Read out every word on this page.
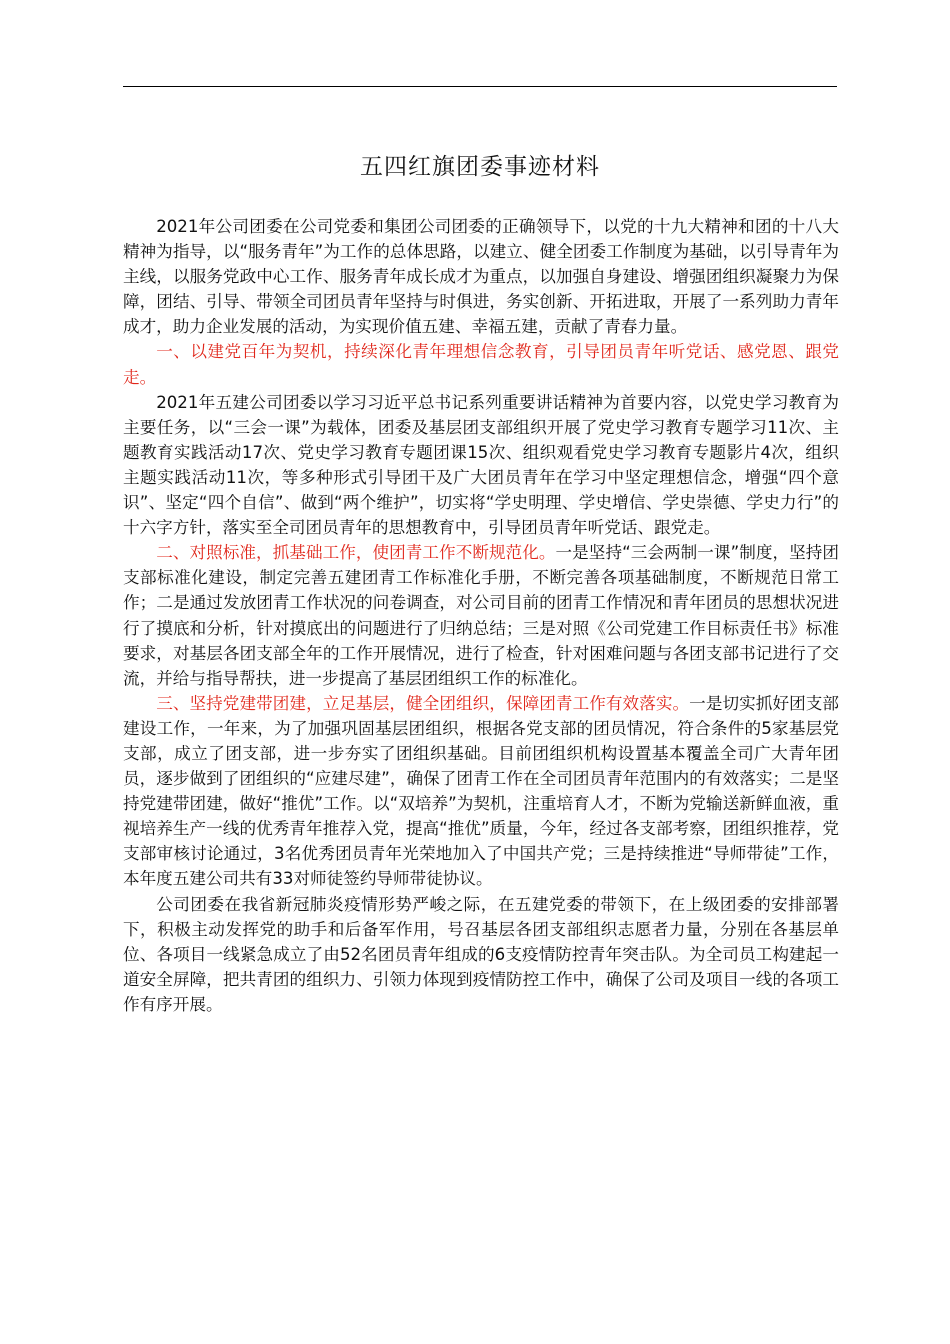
五四红旗团委事迹材料

2021年公司团委在公司党委和集团公司团委的正确领导下，以党的十九大精神和团的十八大精神为指导，以“服务青年”为工作的总体思路，以建立、健全团委工作制度为基础，以引导青年为主线，以服务党政中心工作、服务青年成长成才为重点，以加强自身建设、增强团组织凝聚力为保障，团结、引导、带领全司团员青年坚持与时俱进，务实创新、开拓进取，开展了一系列助力青年成才，助力企业发展的活动，为实现价值五建、幸福五建，贡献了青春力量。

一、以建党百年为契机，持续深化青年理想信念教育，引导团员青年听党话、感党恩、跟党走。

2021年五建公司团委以学习习近平总书记系列重要讲话精神为首要内容，以党史学习教育为主要任务，以“三会一课”为载体，团委及基层团支部组织开展了党史学习教育专题学习11次、主题教育实践活动17次、党史学习教育专题团课15次、组织观看党史学习教育专题影片4次，组织主题实践活动11次，等多种形式引导团干及广大团员青年在学习中坚定理想信念，增强“四个意识”、坚定“四个自信”、做到“两个维护”，切实将“学史明理、学史增信、学史崇德、学史力行”的十六字方针，落实至全司团员青年的思想教育中，引导团员青年听党话、跟党走。

二、对照标准，抓基础工作，使团青工作不断规范化。一是坚持“三会两制一课”制度，坚持团支部标准化建设，制定完善五建团青工作标准化手册，不断完善各项基础制度，不断规范日常工作；二是通过发放团青工作状况的问卷调查，对公司目前的团青工作情况和青年团员的思想状况进行了摸底和分析，针对摸底出的问题进行了归纳总结；三是对照《公司党建工作目标责任书》标准要求，对基层各团支部全年的工作开展情况，进行了检查，针对困难问题与各团支部书记进行了交流，并给与指导帮扶，进一步提高了基层团组织工作的标准化。

三、坚持党建带团建，立足基层，健全团组织，保障团青工作有效落实。一是切实抓好团支部建设工作，一年来，为了加强巩固基层团组织，根据各党支部的团员情况，符合条件的5家基层党支部，成立了团支部，进一步夯实了团组织基础。目前团组织机构设置基本覆盖全司广大青年团员，逐步做到了团组织的“应建尽建”，确保了团青工作在全司团员青年范围内的有效落实；二是坚持党建带团建，做好“推优”工作。以“双培养”为契机，注重培育人才，不断为党输送新鲜血液，重视培养生产一线的优秀青年推荐入党，提高“推优”质量，今年，经过各支部考察，团组织推荐，党支部审核讨论通过，3名优秀团员青年光荣地加入了中国共产党；三是持续推进“导师带徒”工作，本年度五建公司共有33对师徒签约导师带徒协议。

公司团委在我省新冠肺炎疫情形势严峻之际，在五建党委的带领下，在上级团委的安排部署下，积极主动发挥党的助手和后备军作用，号召基层各团支部组织志愿者力量，分别在各基层单位、各项目一线紧急成立了由52名团员青年组成的6支疫情防控青年突击队。为全司员工构建起一道安全屏障，把共青团的组织力、引领力体现到疫情防控工作中，确保了公司及项目一线的各项工作有序开展。
